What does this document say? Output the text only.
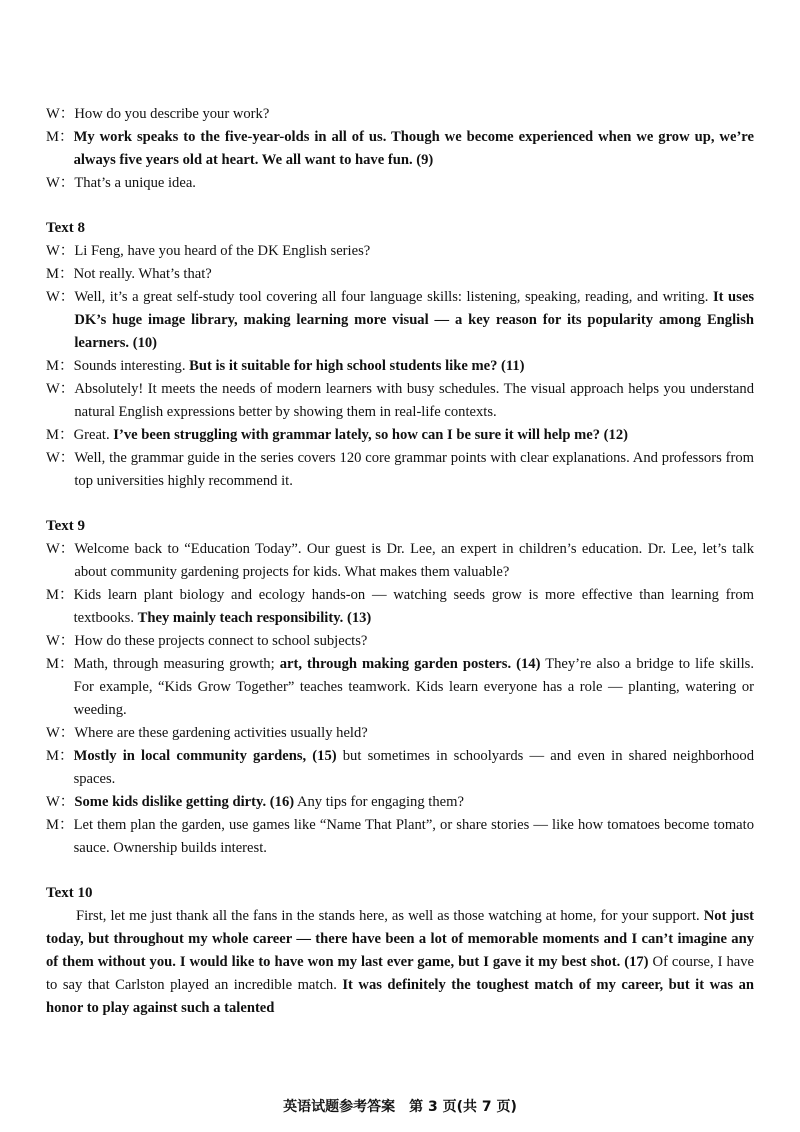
W： How do you describe your work?
M： My work speaks to the five-year-olds in all of us. Though we become experienced when we grow up, we’re always five years old at heart. We all want to have fun. (9)
W： That’s a unique idea.
Text 8
W： Li Feng, have you heard of the DK English series?
M： Not really. What’s that?
W： Well, it’s a great self-study tool covering all four language skills: listening, speaking, reading, and writing. It uses DK’s huge image library, making learning more visual — a key reason for its popularity among English learners. (10)
M： Sounds interesting. But is it suitable for high school students like me? (11)
W： Absolutely! It meets the needs of modern learners with busy schedules. The visual approach helps you understand natural English expressions better by showing them in real-life contexts.
M： Great. I’ve been struggling with grammar lately, so how can I be sure it will help me? (12)
W： Well, the grammar guide in the series covers 120 core grammar points with clear explanations. And professors from top universities highly recommend it.
Text 9
W： Welcome back to “Education Today”. Our guest is Dr. Lee, an expert in children’s education. Dr. Lee, let’s talk about community gardening projects for kids. What makes them valuable?
M： Kids learn plant biology and ecology hands-on — watching seeds grow is more effective than learning from textbooks. They mainly teach responsibility. (13)
W： How do these projects connect to school subjects?
M： Math, through measuring growth; art, through making garden posters. (14) They’re also a bridge to life skills. For example, “Kids Grow Together” teaches teamwork. Kids learn everyone has a role — planting, watering or weeding.
W： Where are these gardening activities usually held?
M： Mostly in local community gardens, (15) but sometimes in schoolyards — and even in shared neighborhood spaces.
W： Some kids dislike getting dirty. (16) Any tips for engaging them?
M： Let them plan the garden, use games like “Name That Plant”, or share stories — like how tomatoes become tomato sauce. Ownership builds interest.
Text 10

First, let me just thank all the fans in the stands here, as well as those watching at home, for your support. Not just today, but throughout my whole career — there have been a lot of memorable moments and I can’t imagine any of them without you. I would like to have won my last ever game, but I gave it my best shot. (17) Of course, I have to say that Carlston played an incredible match. It was definitely the toughest match of my career, but it was an honor to play against such a talented

英语试题参考答案　第 3 页(共 7 页)
